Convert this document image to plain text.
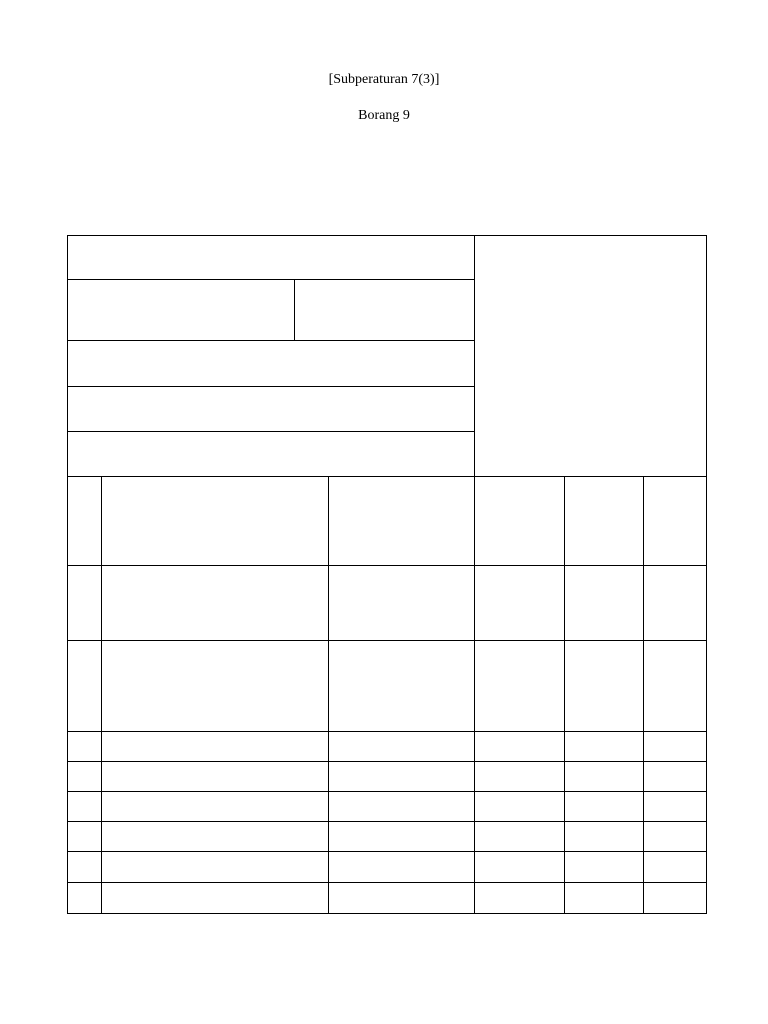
[Subperaturan 7(3)]
Borang 9
